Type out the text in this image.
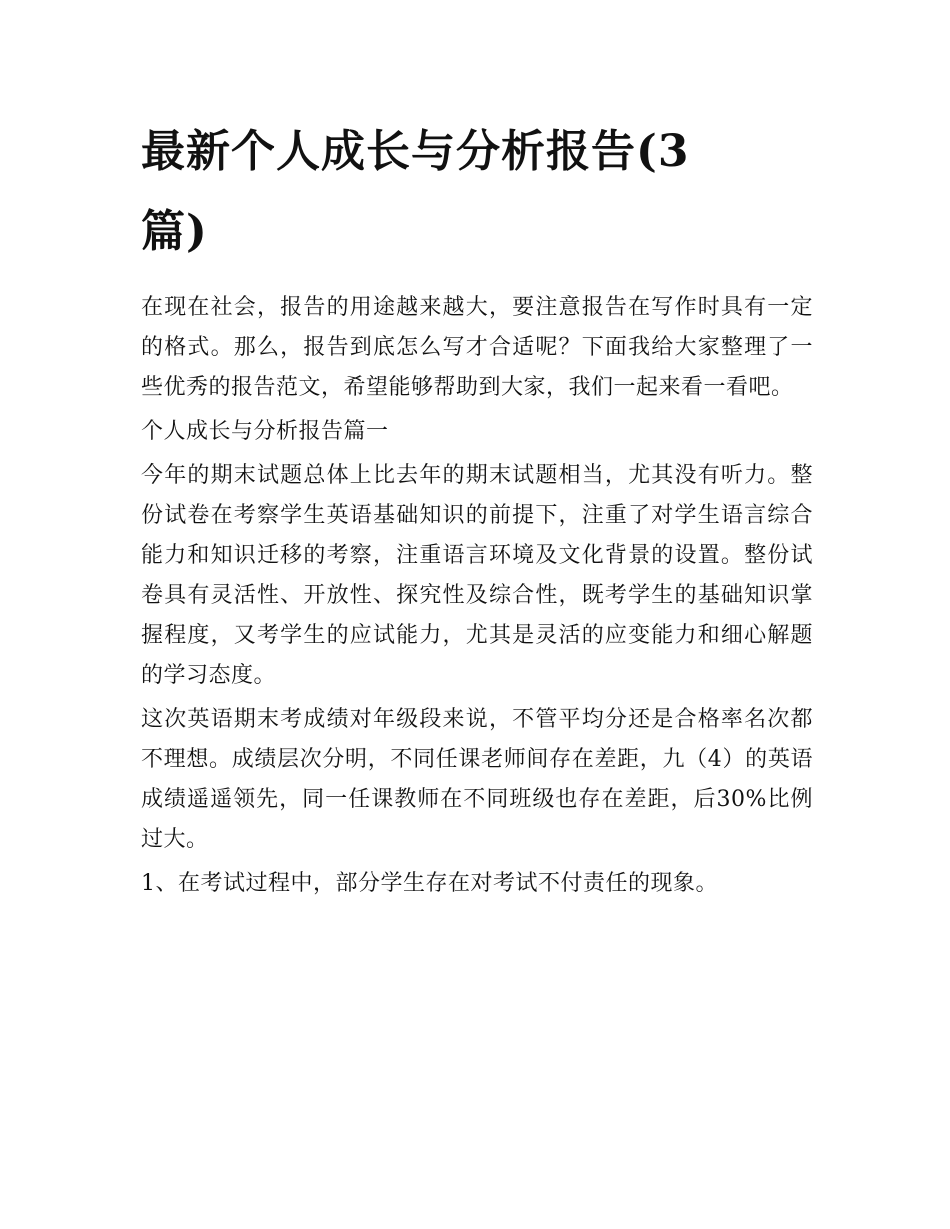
最新个人成长与分析报告(3
篇)

在现在社会，报告的用途越来越大，要注意报告在写作时具有一定的格式。那么，报告到底怎么写才合适呢？下面我给大家整理了一些优秀的报告范文，希望能够帮助到大家，我们一起来看一看吧。

个人成长与分析报告篇一

今年的期末试题总体上比去年的期末试题相当，尤其没有听力。整份试卷在考察学生英语基础知识的前提下，注重了对学生语言综合能力和知识迁移的考察，注重语言环境及文化背景的设置。整份试卷具有灵活性、开放性、探究性及综合性，既考学生的基础知识掌握程度，又考学生的应试能力，尤其是灵活的应变能力和细心解题的学习态度。

这次英语期末考成绩对年级段来说，不管平均分还是合格率名次都不理想。成绩层次分明，不同任课老师间存在差距，九（4）的英语成绩遥遥领先，同一任课教师在不同班级也存在差距，后30%比例过大。

1、在考试过程中，部分学生存在对考试不付责任的现象。
